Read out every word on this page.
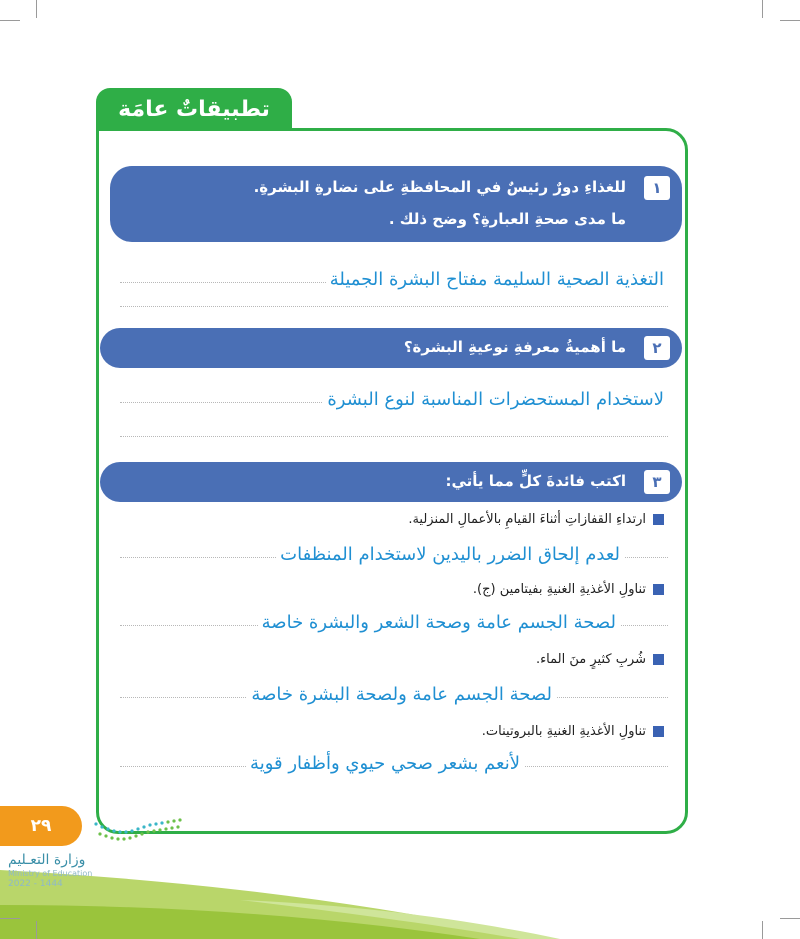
تطبيقاتٌ عامَة
١
للغذاءِ دورٌ رئيسٌ في المحافظةِ على نضارةِ البشرةِ.
ما مدى صحةِ العبارةِ؟ وضح ذلك .
التغذية الصحية السليمة مفتاح البشرة الجميلة
٢
ما أهميةُ معرفةِ نوعيةِ البشرة؟
لاستخدام المستحضرات المناسبة لنوع البشرة
٣
اكتب فائدةَ كلٍّ مما يأتي:
ارتداءِ القفازاتِ أثناءَ القيامِ بالأعمالِ المنزلية.
لعدم إلحاق الضرر باليدين لاستخدام المنظفات
تناولِ الأغذيةِ الغنيةِ بفيتامين (ج).
لصحة الجسم عامة وصحة الشعر والبشرة خاصة
شُربِ كثيرٍ منَ الماء.
لصحة الجسم عامة ولصحة البشرة خاصة
تناولِ الأغذيةِ الغنيةِ بالبروتينات.
لأنعم بشعر صحي حيوي وأظفار قوية
٢٩
وزارة التعـليم
Ministry of Education
2022 - 1444
